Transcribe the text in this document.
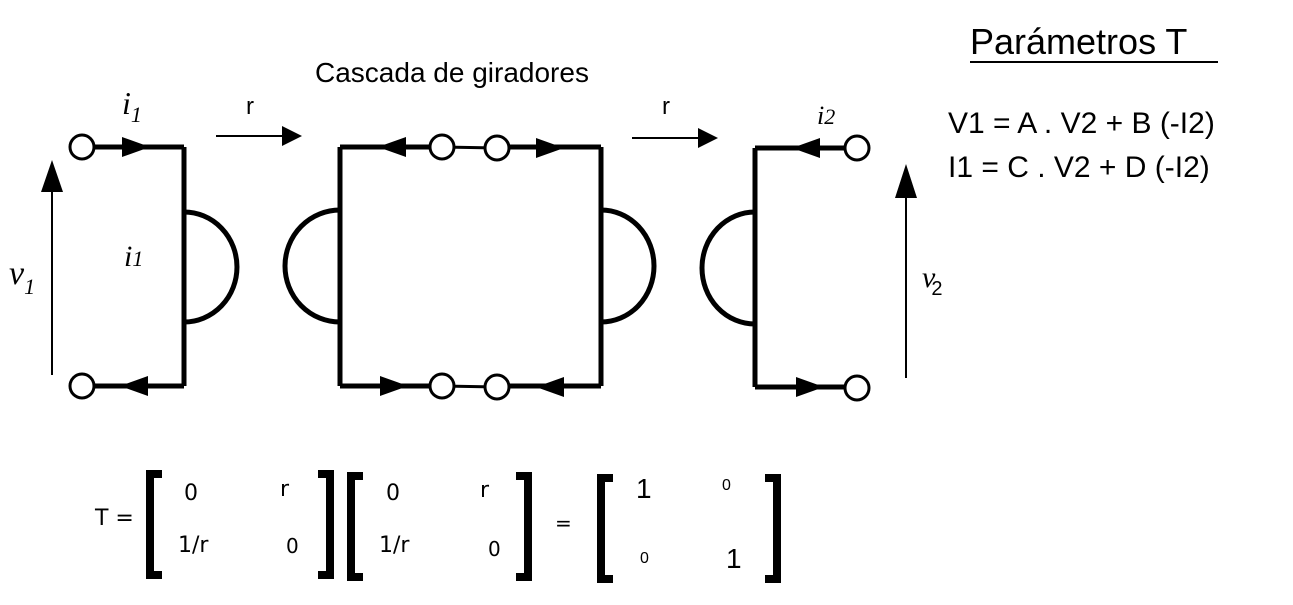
Cascada de giradores
Parámetros T
V1 = A . V2 + B (-I2)
I1 = C . V2 + D (-I2)
r	r
$i_1$
i1
i2
$v_1$	v2
T =
0	r
1/r	0
0	r
1/r	0
=
1	0
0	1
